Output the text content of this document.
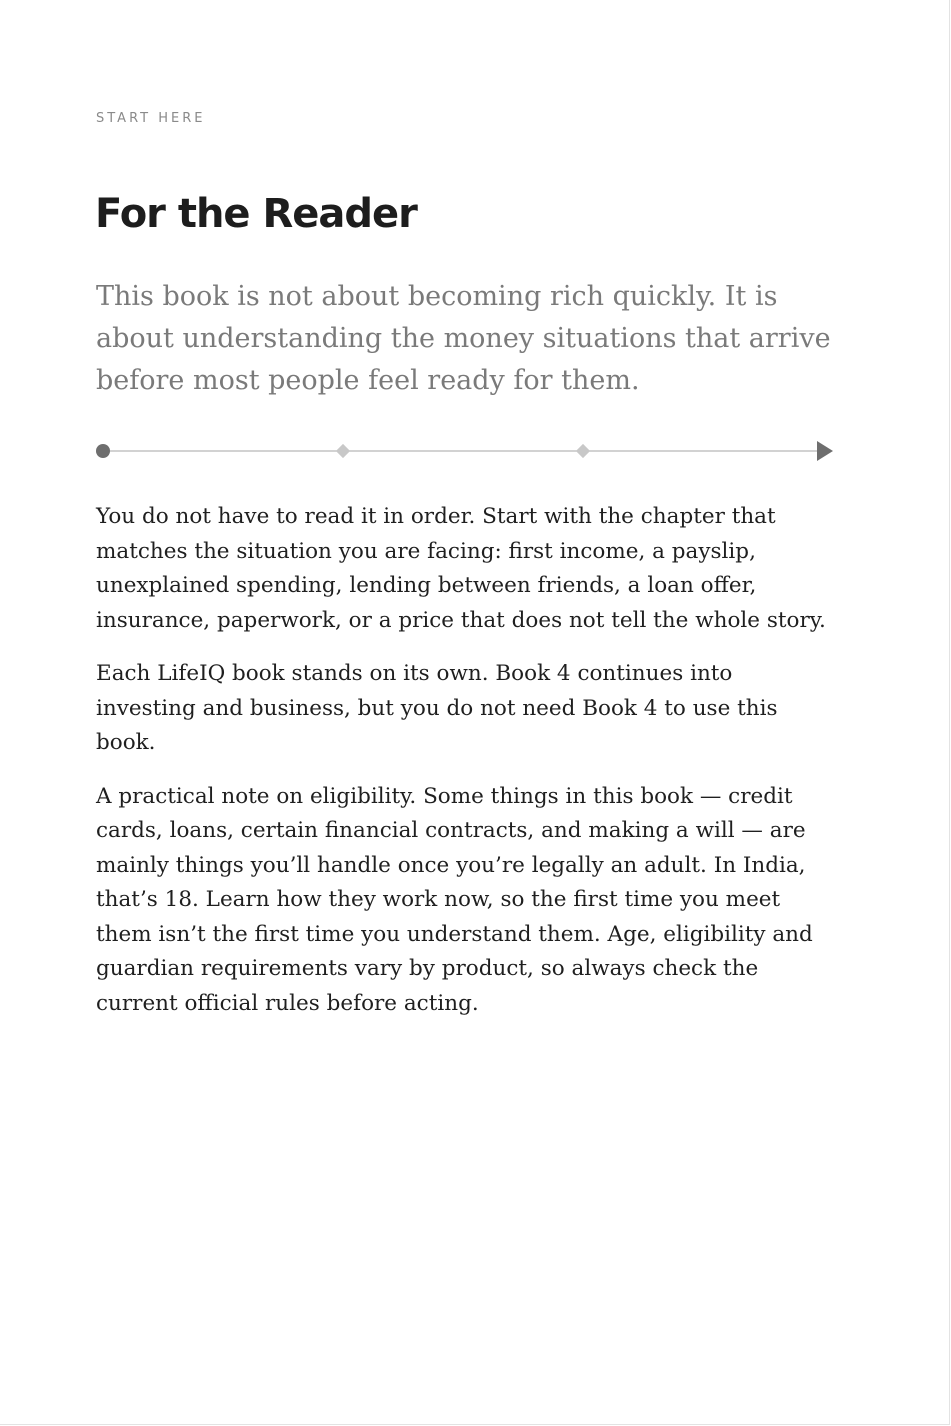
START HERE

For the Reader

This book is not about becoming rich quickly. It is about understanding the money situations that arrive before most people feel ready for them.

You do not have to read it in order. Start with the chapter that matches the situation you are facing: first income, a payslip, unexplained spending, lending between friends, a loan offer, insurance, paperwork, or a price that does not tell the whole story.

Each LifeIQ book stands on its own. Book 4 continues into investing and business, but you do not need Book 4 to use this book.

A practical note on eligibility. Some things in this book — credit cards, loans, certain financial contracts, and making a will — are mainly things you’ll handle once you’re legally an adult. In India, that’s 18. Learn how they work now, so the first time you meet them isn’t the first time you understand them. Age, eligibility and guardian requirements vary by product, so always check the current official rules before acting.
